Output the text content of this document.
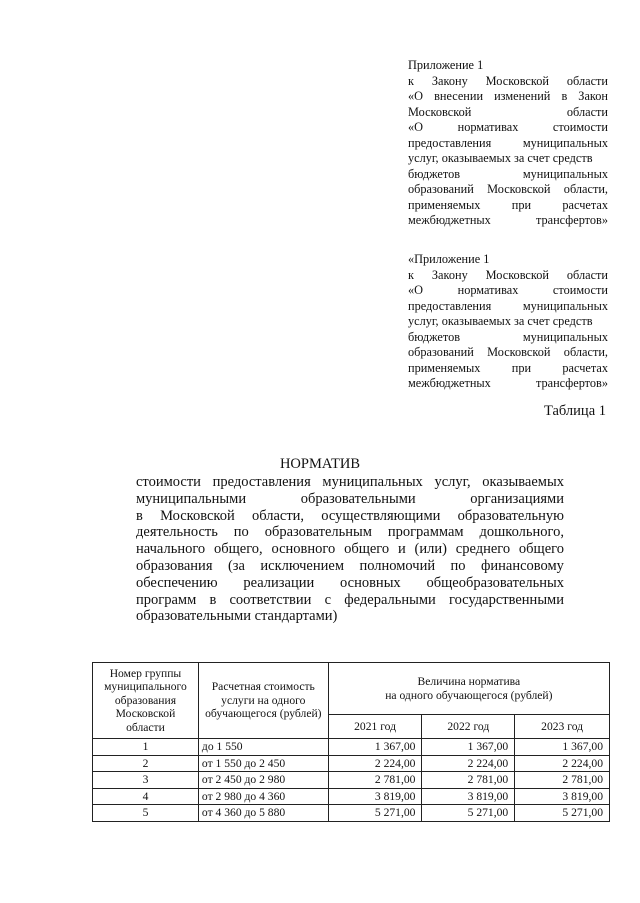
Приложение 1
к Закону Московской области
«О внесении изменений в Закон
Московской	области
«О	нормативах	стоимости
предоставления	муниципальных
услуг, оказываемых за счет средств
бюджетов	муниципальных
образований Московской области,
применяемых	при	расчетах
межбюджетных	трансфертов»
«Приложение 1
к Закону Московской области
«О	нормативах	стоимости
предоставления	муниципальных
услуг, оказываемых за счет средств
бюджетов	муниципальных
образований Московской области,
применяемых	при	расчетах
межбюджетных	трансфертов»
Таблица 1
НОРМАТИВ
стоимости предоставления муниципальных услуг, оказываемых
муниципальными	образовательными	организациями
в Московской области, осуществляющими образовательную
деятельность по образовательным программам дошкольного,
начального общего, основного общего и (или) среднего общего
образования (за исключением полномочий по финансовому
обеспечению реализации основных общеобразовательных
программ в соответствии с федеральными государственными
образовательными стандартами)
Номер группы муниципального образования Московской области	Расчетная стоимость услуги на одного обучающегося (рублей)	Величина норматива
на одного обучающегося (рублей)		

		2021 год	2022 год	2023 год
1	до 1 550	1 367,00	1 367,00	1 367,00
2	от 1 550 до 2 450	2 224,00	2 224,00	2 224,00
3	от 2 450 до 2 980	2 781,00	2 781,00	2 781,00
4	от 2 980 до 4 360	3 819,00	3 819,00	3 819,00
5	от 4 360 до 5 880	5 271,00	5 271,00	5 271,00
